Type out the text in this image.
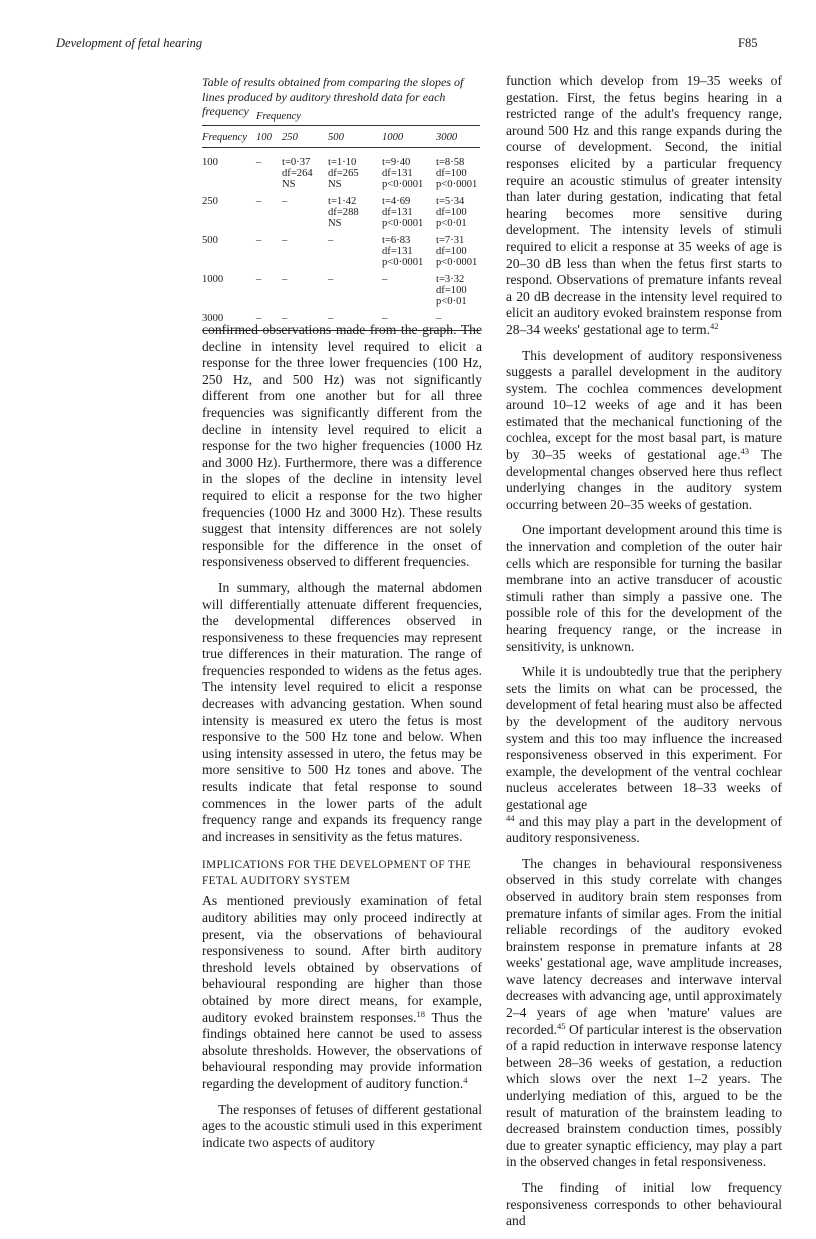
Development of fetal hearing	F85
Table of results obtained from comparing the slopes of lines produced by auditory threshold data for each frequency
	Frequency				
Frequency	100	250	500	1000	3000
100	–	t=0·37
df=264
NS	t=1·10
df=265
NS	t=9·40
df=131
p<0·0001	t=8·58
df=100
p<0·0001

250	–	–	t=1·42
df=288
NS	t=4·69
df=131
p<0·0001	t=5·34
df=100
p<0·01

500	–	–	–	t=6·83
df=131
p<0·0001	t=7·31
df=100
p<0·0001

1000	–	–	–	–	t=3·32
df=100
p<0·01

3000	–	–	–	–	–

confirmed observations made from the graph. The decline in intensity level required to elicit a response for the three lower frequencies (100 Hz, 250 Hz, and 500 Hz) was not significantly different from one another but for all three frequencies was significantly different from the decline in intensity level required to elicit a response for the two higher frequencies (1000 Hz and 3000 Hz). Furthermore, there was a difference in the slopes of the decline in intensity level required to elicit a response for the two higher frequencies (1000 Hz and 3000 Hz). These results suggest that intensity differences are not solely responsible for the difference in the onset of responsiveness observed to different frequencies.

In summary, although the maternal abdomen will differentially attenuate different frequencies, the developmental differences observed in responsiveness to these frequencies may represent true differences in their maturation. The range of frequencies responded to widens as the fetus ages. The intensity level required to elicit a response decreases with advancing gestation. When sound intensity is measured ex utero the fetus is most responsive to the 500 Hz tone and below. When using intensity assessed in utero, the fetus may be more sensitive to 500 Hz tones and above. The results indicate that fetal response to sound commences in the lower parts of the adult frequency range and expands its frequency range and increases in sensitivity as the fetus matures.

IMPLICATIONS FOR THE DEVELOPMENT OF THE FETAL AUDITORY SYSTEM

As mentioned previously examination of fetal auditory abilities may only proceed indirectly at present, via the observations of behavioural responsiveness to sound. After birth auditory threshold levels obtained by observations of behavioural responding are higher than those obtained by more direct means, for example, auditory evoked brainstem responses.$^{18}$ Thus the findings obtained here cannot be used to assess absolute thresholds. However, the observations of behavioural responding may provide information regarding the development of auditory function.$^4$

The responses of fetuses of different gestational ages to the acoustic stimuli used in this experiment indicate two aspects of auditory

function which develop from 19–35 weeks of gestation. First, the fetus begins hearing in a restricted range of the adult's frequency range, around 500 Hz and this range expands during the course of development. Second, the initial responses elicited by a particular frequency require an acoustic stimulus of greater intensity than later during gestation, indicating that fetal hearing becomes more sensitive during development. The intensity levels of stimuli required to elicit a response at 35 weeks of age is 20–30 dB less than when the fetus first starts to respond. Observations of premature infants reveal a 20 dB decrease in the intensity level required to elicit an auditory evoked brainstem response from 28–34 weeks' gestational age to term.$^{42}$

This development of auditory responsiveness suggests a parallel development in the auditory system. The cochlea commences development around 10–12 weeks of age and it has been estimated that the mechanical functioning of the cochlea, except for the most basal part, is mature by 30–35 weeks of gestational age.$^{43}$ The developmental changes observed here thus reflect underlying changes in the auditory system occurring between 20–35 weeks of gestation.

One important development around this time is the innervation and completion of the outer hair cells which are responsible for turning the basilar membrane into an active transducer of acoustic stimuli rather than simply a passive one. The possible role of this for the development of the hearing frequency range, or the increase in sensitivity, is unknown.

While it is undoubtedly true that the periphery sets the limits on what can be processed, the development of fetal hearing must also be affected by the development of the auditory nervous system and this too may influence the increased responsiveness observed in this experiment. For example, the development of the ventral cochlear nucleus accelerates between 18–33 weeks of gestational age

$^{44}$ and this may play a part in the development of auditory responsiveness.

The changes in behavioural responsiveness observed in this study correlate with changes observed in auditory brain stem responses from premature infants of similar ages. From the initial reliable recordings of the auditory evoked brainstem response in premature infants at 28 weeks' gestational age, wave amplitude increases, wave latency decreases and interwave interval decreases with advancing age, until approximately 2–4 years of age when 'mature' values are recorded.$^{45}$ Of particular interest is the observation of a rapid reduction in interwave response latency between 28–36 weeks of gestation, a reduction which slows over the next 1–2 years. The underlying mediation of this, argued to be the result of maturation of the brainstem leading to decreased brainstem conduction times, possibly due to greater synaptic efficiency, may play a part in the observed changes in fetal responsiveness.

The finding of initial low frequency responsiveness corresponds to other behavioural and
